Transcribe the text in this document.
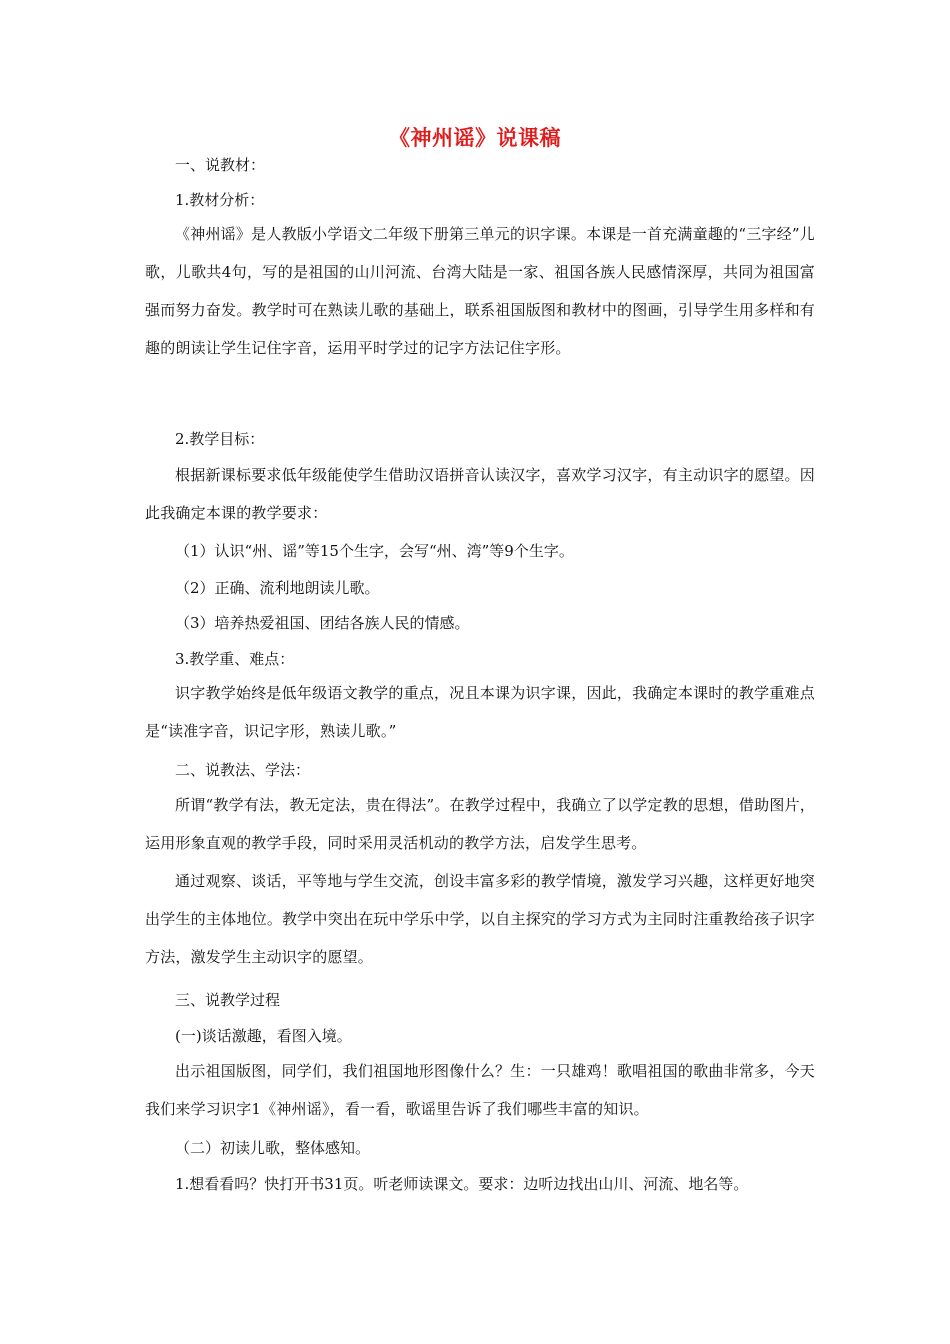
《神州谣》说课稿
一、说教材：
1.教材分析：

《神州谣》是人教版小学语文二年级下册第三单元的识字课。本课是一首充满童趣的“三字经”儿歌，儿歌共4句，写的是祖国的山川河流、台湾大陆是一家、祖国各族人民感情深厚，共同为祖国富强而努力奋发。教学时可在熟读儿歌的基础上，联系祖国版图和教材中的图画，引导学生用多样和有趣的朗读让学生记住字音，运用平时学过的记字方法记住字形。

2.教学目标：

根据新课标要求低年级能使学生借助汉语拼音认读汉字，喜欢学习汉字，有主动识字的愿望。因此我确定本课的教学要求：

（1）认识“州、谣”等15个生字，会写“州、湾”等9个生字。
（2）正确、流利地朗读儿歌。
（3）培养热爱祖国、团结各族人民的情感。
3.教学重、难点：

识字教学始终是低年级语文教学的重点，况且本课为识字课，因此，我确定本课时的教学重难点是“读准字音，识记字形，熟读儿歌。”

二、说教法、学法：

所谓“教学有法，教无定法，贵在得法”。在教学过程中，我确立了以学定教的思想，借助图片，运用形象直观的教学手段，同时采用灵活机动的教学方法，启发学生思考。

通过观察、谈话，平等地与学生交流，创设丰富多彩的教学情境，激发学习兴趣，这样更好地突出学生的主体地位。教学中突出在玩中学乐中学，以自主探究的学习方式为主同时注重教给孩子识字方法，激发学生主动识字的愿望。

三、说教学过程
(一)谈话激趣，看图入境。

出示祖国版图，同学们，我们祖国地形图像什么？生：一只雄鸡！歌唱祖国的歌曲非常多，今天我们来学习识字1《神州谣》，看一看，歌谣里告诉了我们哪些丰富的知识。

（二）初读儿歌，整体感知。
1.想看看吗？快打开书31页。听老师读课文。要求：边听边找出山川、河流、地名等。
